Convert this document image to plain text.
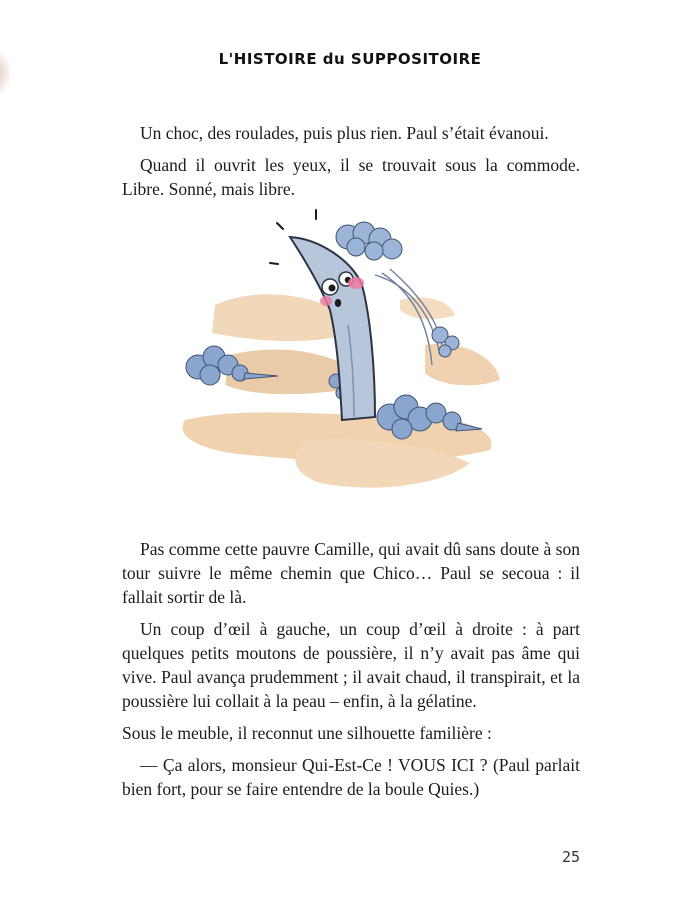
L'HISTOIRE du SUPPOSITOIRE

Un choc, des roulades, puis plus rien. Paul s’était évanoui.

Quand il ouvrit les yeux, il se trouvait sous la commode. Libre. Sonné, mais libre.

Pas comme cette pauvre Camille, qui avait dû sans doute à son tour suivre le même chemin que Chico… Paul se secoua : il fallait sortir de là.

Un coup d’œil à gauche, un coup d’œil à droite : à part quelques petits moutons de poussière, il n’y avait pas âme qui vive. Paul avança prudemment ; il avait chaud, il transpirait, et la poussière lui collait à la peau – enfin, à la gélatine.

Sous le meuble, il reconnut une silhouette familière :

— Ça alors, monsieur Qui-Est-Ce ! VOUS ICI ? (Paul parlait bien fort, pour se faire entendre de la boule Quies.)

25
